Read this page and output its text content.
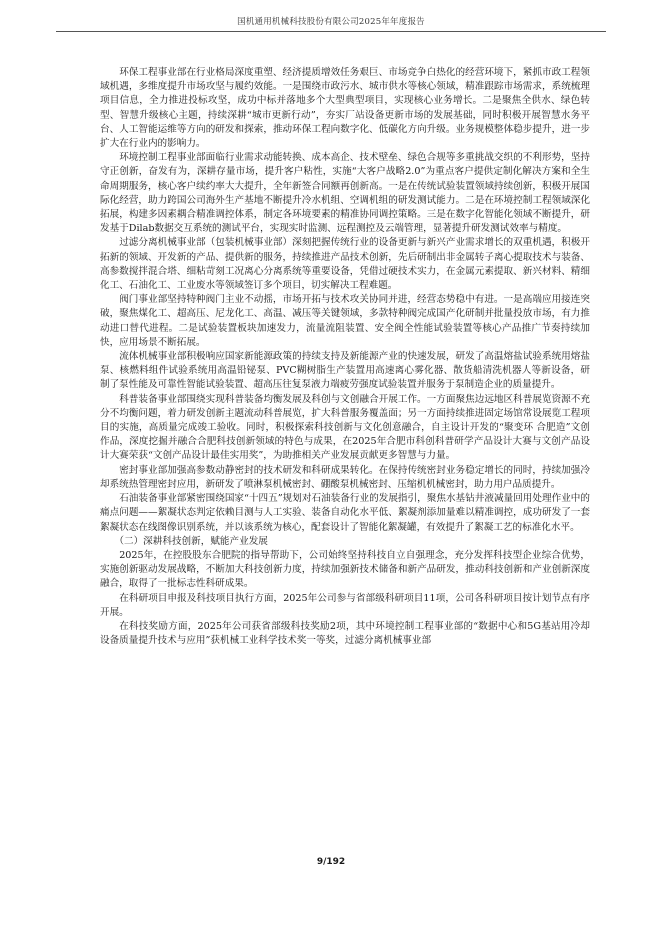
国机通用机械科技股份有限公司2025年年度报告

环保工程事业部在行业格局深度重塑、经济提质增效任务艰巨、市场竞争白热化的经营环境下，紧抓市政工程领域机遇，多维度提升市场攻坚与履约效能。一是围绕市政污水、城市供水等核心领域，精准跟踪市场需求，系统梳理项目信息，全力推进投标攻坚，成功中标并落地多个大型典型项目，实现核心业务增长。二是聚焦全供水、绿色转型、智慧升级核心主题，持续深耕“城市更新行动”，夯实厂站设备更新市场的发展基础，同时积极开展智慧水务平台、人工智能运维等方向的研发和探索，推动环保工程向数字化、低碳化方向升级。业务规模整体稳步提升，进一步扩大在行业内的影响力。

环境控制工程事业部面临行业需求动能转换、成本高企、技术壁垒、绿色合规等多重挑战交织的不利形势，坚持守正创新，奋发有为，深耕存量市场，提升客户粘性，实施“大客户战略2.0”为重点客户提供定制化解决方案和全生命周期服务，核心客户续约率大大提升，全年新签合同额再创新高。一是在传统试验装置领域持续创新，积极开展国际化经营，助力跨国公司海外生产基地不断提升冷水机组、空调机组的研发测试能力。二是在环境控制工程领域深化拓展，构建多因素耦合精准调控体系，制定各环境要素的精准协同调控策略。三是在数字化智能化领域不断提升，研发基于Dilab数据交互系统的测试平台，实现实时监测、远程测控及云端管理，显著提升研发测试效率与精度。

过滤分离机械事业部（包装机械事业部）深刻把握传统行业的设备更新与新兴产业需求增长的双重机遇，积极开拓新的领域、开发新的产品、提供新的服务，持续推进产品技术创新，先后研制出非金属转子离心提取技术与装备、高参数搅拌混合塔、细粘苛刻工况离心分离系统等重要设备，凭借过硬技术实力，在金属元素提取、新兴材料、精细化工、石油化工、工业废水等领域签订多个项目，切实解决工程难题。

阀门事业部坚持特种阀门主业不动摇，市场开拓与技术攻关协同并进，经营态势稳中有进。一是高端应用接连突破，聚焦煤化工、超高压、尼龙化工、高温、减压等关键领域，多款特种阀完成国产化研制并批量投放市场，有力推动进口替代进程。二是试验装置板块加速发力，流量流阻装置、安全阀全性能试验装置等核心产品推广节奏持续加快，应用场景不断拓展。

流体机械事业部积极响应国家新能源政策的持续支持及新能源产业的快速发展，研发了高温熔盐试验系统用熔盐泵、核燃料组件试验系统用高温铅铋泵、PVC糊树脂生产装置用高速离心雾化器、散货船清洗机器人等新设备，研制了泵性能及可靠性智能试验装置、超高压往复泵液力端疲劳强度试验装置并服务于泵制造企业的质量提升。

科普装备事业部围绕实现科普装备均衡发展及科创与文创融合开展工作。一方面聚焦边远地区科普展览资源不充分不均衡问题，着力研发创新主题流动科普展览，扩大科普服务覆盖面；另一方面持续推进固定场馆常设展览工程项目的实施，高质量完成竣工验收。同时，积极探索科技创新与文化创意融合，自主设计开发的“聚变环 合肥造”文创作品，深度挖掘并融合合肥科技创新领域的特色与成果，在2025年合肥市科创科普研学产品设计大赛与文创产品设计大赛荣获“文创产品设计最佳实用奖”，为助推相关产业发展贡献更多智慧与力量。

密封事业部加强高参数动静密封的技术研发和科研成果转化。在保持传统密封业务稳定增长的同时，持续加强冷却系统热管理密封应用，新研发了喷淋泵机械密封、硼酸泵机械密封、压缩机机械密封，助力用户品质提升。

石油装备事业部紧密围绕国家“十四五”规划对石油装备行业的发展指引，聚焦水基钻井液减量回用处理作业中的痛点问题——絮凝状态判定依赖目测与人工实验、装备自动化水平低、絮凝剂添加量难以精准调控，成功研发了一套絮凝状态在线图像识别系统，并以该系统为核心，配套设计了智能化絮凝罐，有效提升了絮凝工艺的标准化水平。

（二）深耕科技创新，赋能产业发展

2025年，在控股股东合肥院的指导帮助下，公司始终坚持科技自立自强理念，充分发挥科技型企业综合优势，实施创新驱动发展战略，不断加大科技创新力度，持续加强新技术储备和新产品研发，推动科技创新和产业创新深度融合，取得了一批标志性科研成果。

在科研项目申报及科技项目执行方面，2025年公司参与省部级科研项目11项，公司各科研项目按计划节点有序开展。

在科技奖励方面，2025年公司获省部级科技奖励2项，其中环境控制工程事业部的“数据中心和5G基站用冷却设备质量提升技术与应用”获机械工业科学技术奖一等奖，过滤分离机械事业部

9/192
